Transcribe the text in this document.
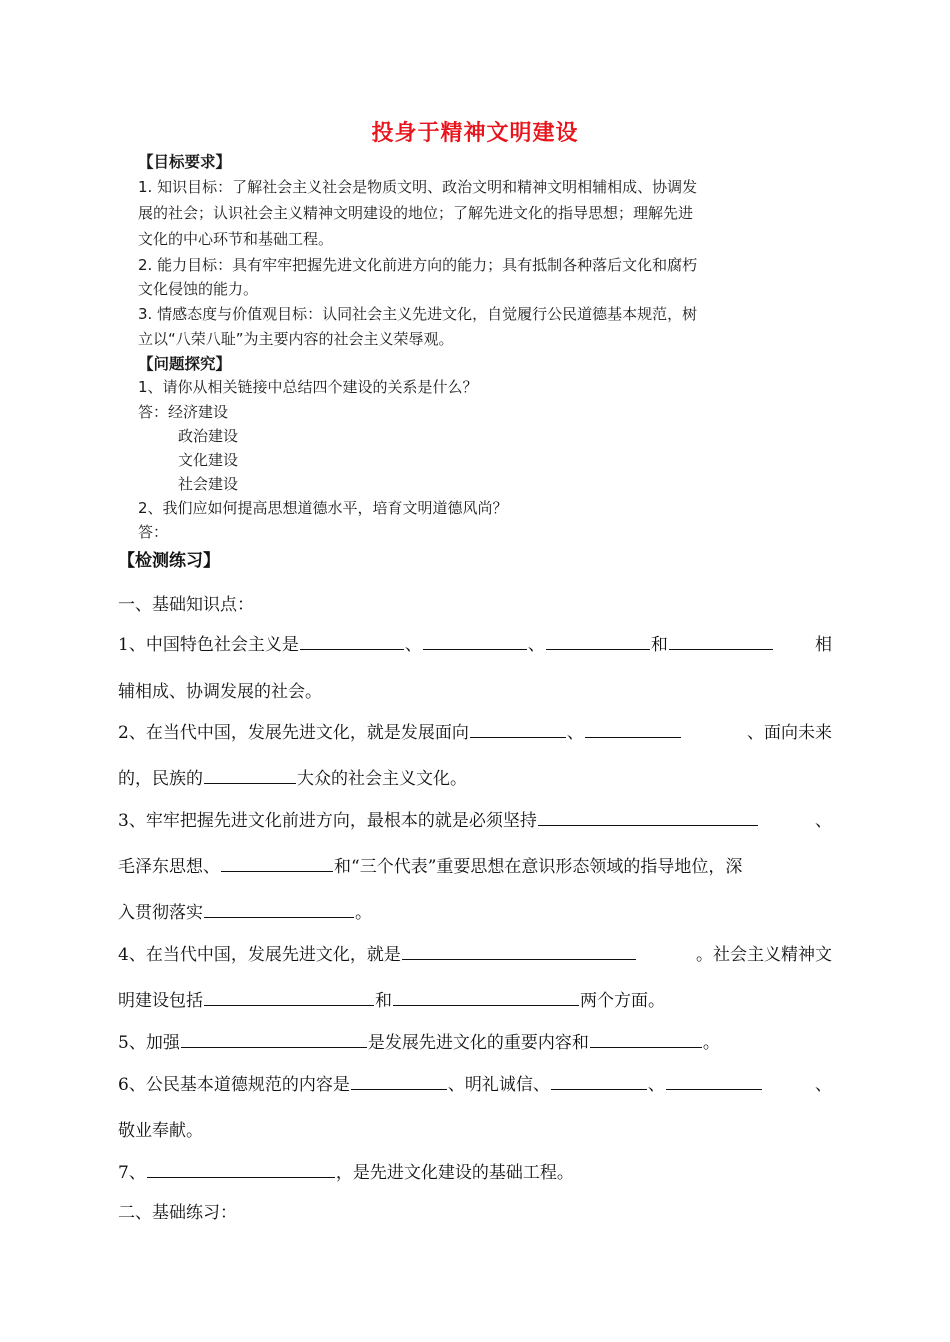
投身于精神文明建设
【目标要求】
1. 知识目标：了解社会主义社会是物质文明、政治文明和精神文明相辅相成、协调发
展的社会；认识社会主义精神文明建设的地位；了解先进文化的指导思想；理解先进
文化的中心环节和基础工程。
2. 能力目标：具有牢牢把握先进文化前进方向的能力；具有抵制各种落后文化和腐朽
文化侵蚀的能力。
3. 情感态度与价值观目标：认同社会主义先进文化，自觉履行公民道德基本规范，树
立以“八荣八耻”为主要内容的社会主义荣辱观。
【问题探究】
1、请你从相关链接中总结四个建设的关系是什么？
答：经济建设
政治建设
文化建设
社会建设
2、我们应如何提高思想道德水平，培育文明道德风尚？
答：
【检测练习】
一、基础知识点：
1、中国特色社会主义是	、	、	和	相
辅相成、协调发展的社会。
2、在当代中国，发展先进文化，就是发展面向	、	、面向未来
的，民族的	大众的社会主义文化。
3、牢牢把握先进文化前进方向，最根本的就是必须坚持	、
毛泽东思想、	和“三个代表”重要思想在意识形态领域的指导地位，深
入贯彻落实	。
4、在当代中国，发展先进文化，就是	。社会主义精神文
明建设包括	和	两个方面。
5、加强	是发展先进文化的重要内容和	。
6、公民基本道德规范的内容是	、明礼诚信、	、	、
敬业奉献。
7、	，是先进文化建设的基础工程。
二、基础练习：
